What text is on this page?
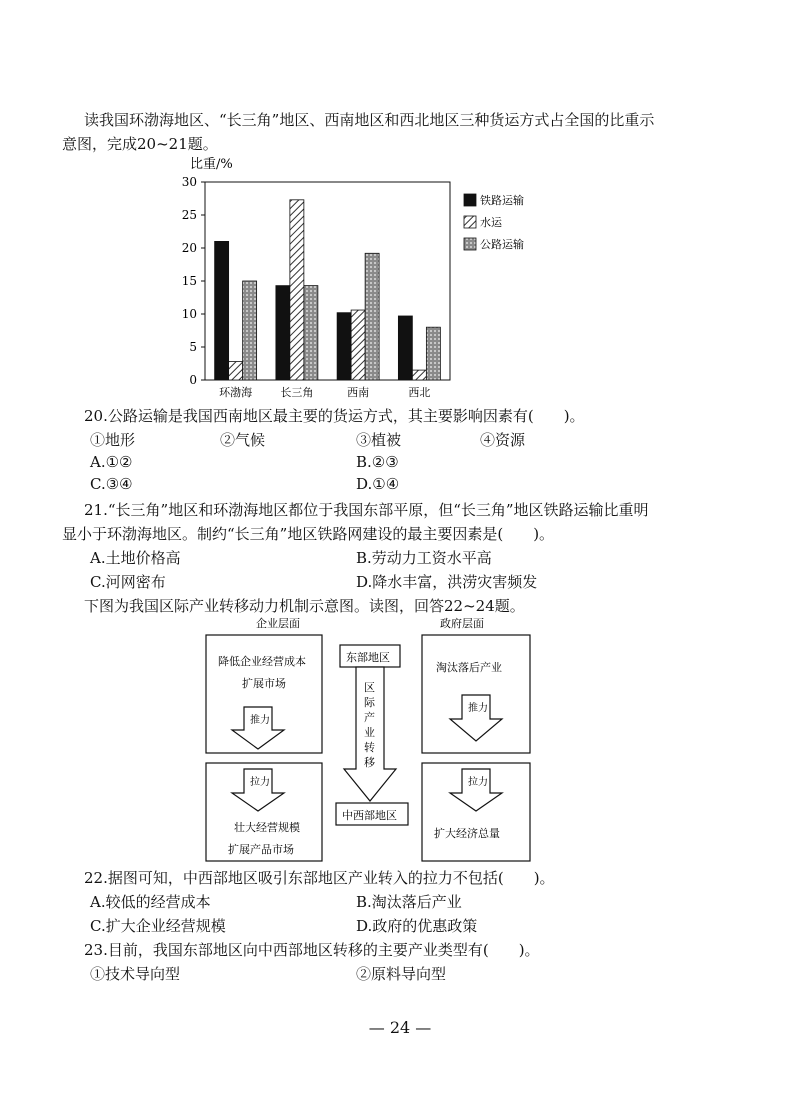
读我国环渤海地区、“长三角”地区、西南地区和西北地区三种货运方式占全国的比重示
意图，完成20~21题。
比重/%
0
5
10
15
20
25
30
环渤海	长三角	西南	西北
铁路运输
水运
公路运输
20.公路运输是我国西南地区最主要的货运方式，其主要影响因素有(　　)。
①地形	②气候	③植被	④资源
A.①②	B.②③
C.③④	D.①④
21.“长三角”地区和环渤海地区都位于我国东部平原，但“长三角”地区铁路运输比重明
显小于环渤海地区。制约“长三角”地区铁路网建设的最主要因素是(　　)。
A.土地价格高	B.劳动力工资水平高
C.河网密布	D.降水丰富，洪涝灾害频发
下图为我国区际产业转移动力机制示意图。读图，回答22~24题。
企业层面	政府层面
降低企业经营成本
扩展市场
推力
拉力
壮大经营规模
扩展产品市场
东部地区
区
际
产
业
转
移
中西部地区
淘汰落后产业
推力
拉力
扩大经济总量
22.据图可知，中西部地区吸引东部地区产业转入的拉力不包括(　　)。
A.较低的经营成本	B.淘汰落后产业
C.扩大企业经营规模	D.政府的优惠政策
23.目前，我国东部地区向中西部地区转移的主要产业类型有(　　)。
①技术导向型	②原料导向型
— 24 —
